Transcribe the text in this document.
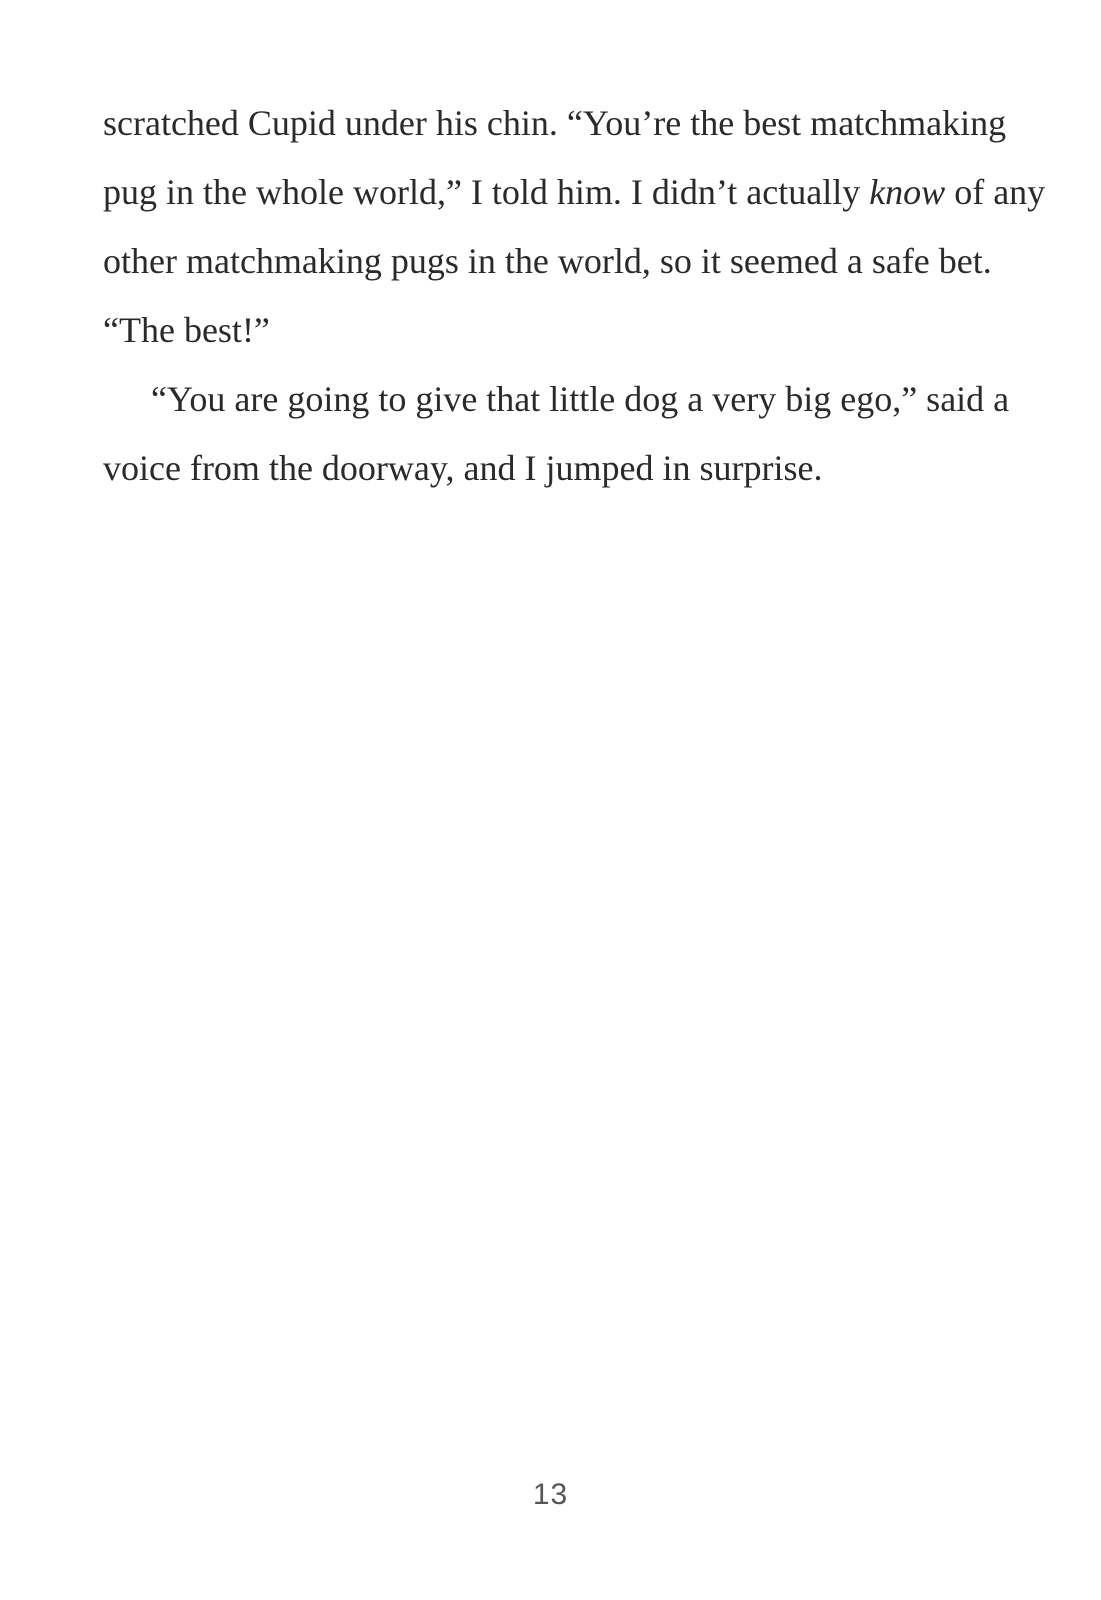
scratched Cupid under his chin. “You’re the best matchmaking
pug in the whole world,” I told him. I didn’t actually know of any
other matchmaking pugs in the world, so it seemed a safe bet.
“The best!”

“You are going to give that little dog a very big ego,” said a
voice from the doorway, and I jumped in surprise.

13
